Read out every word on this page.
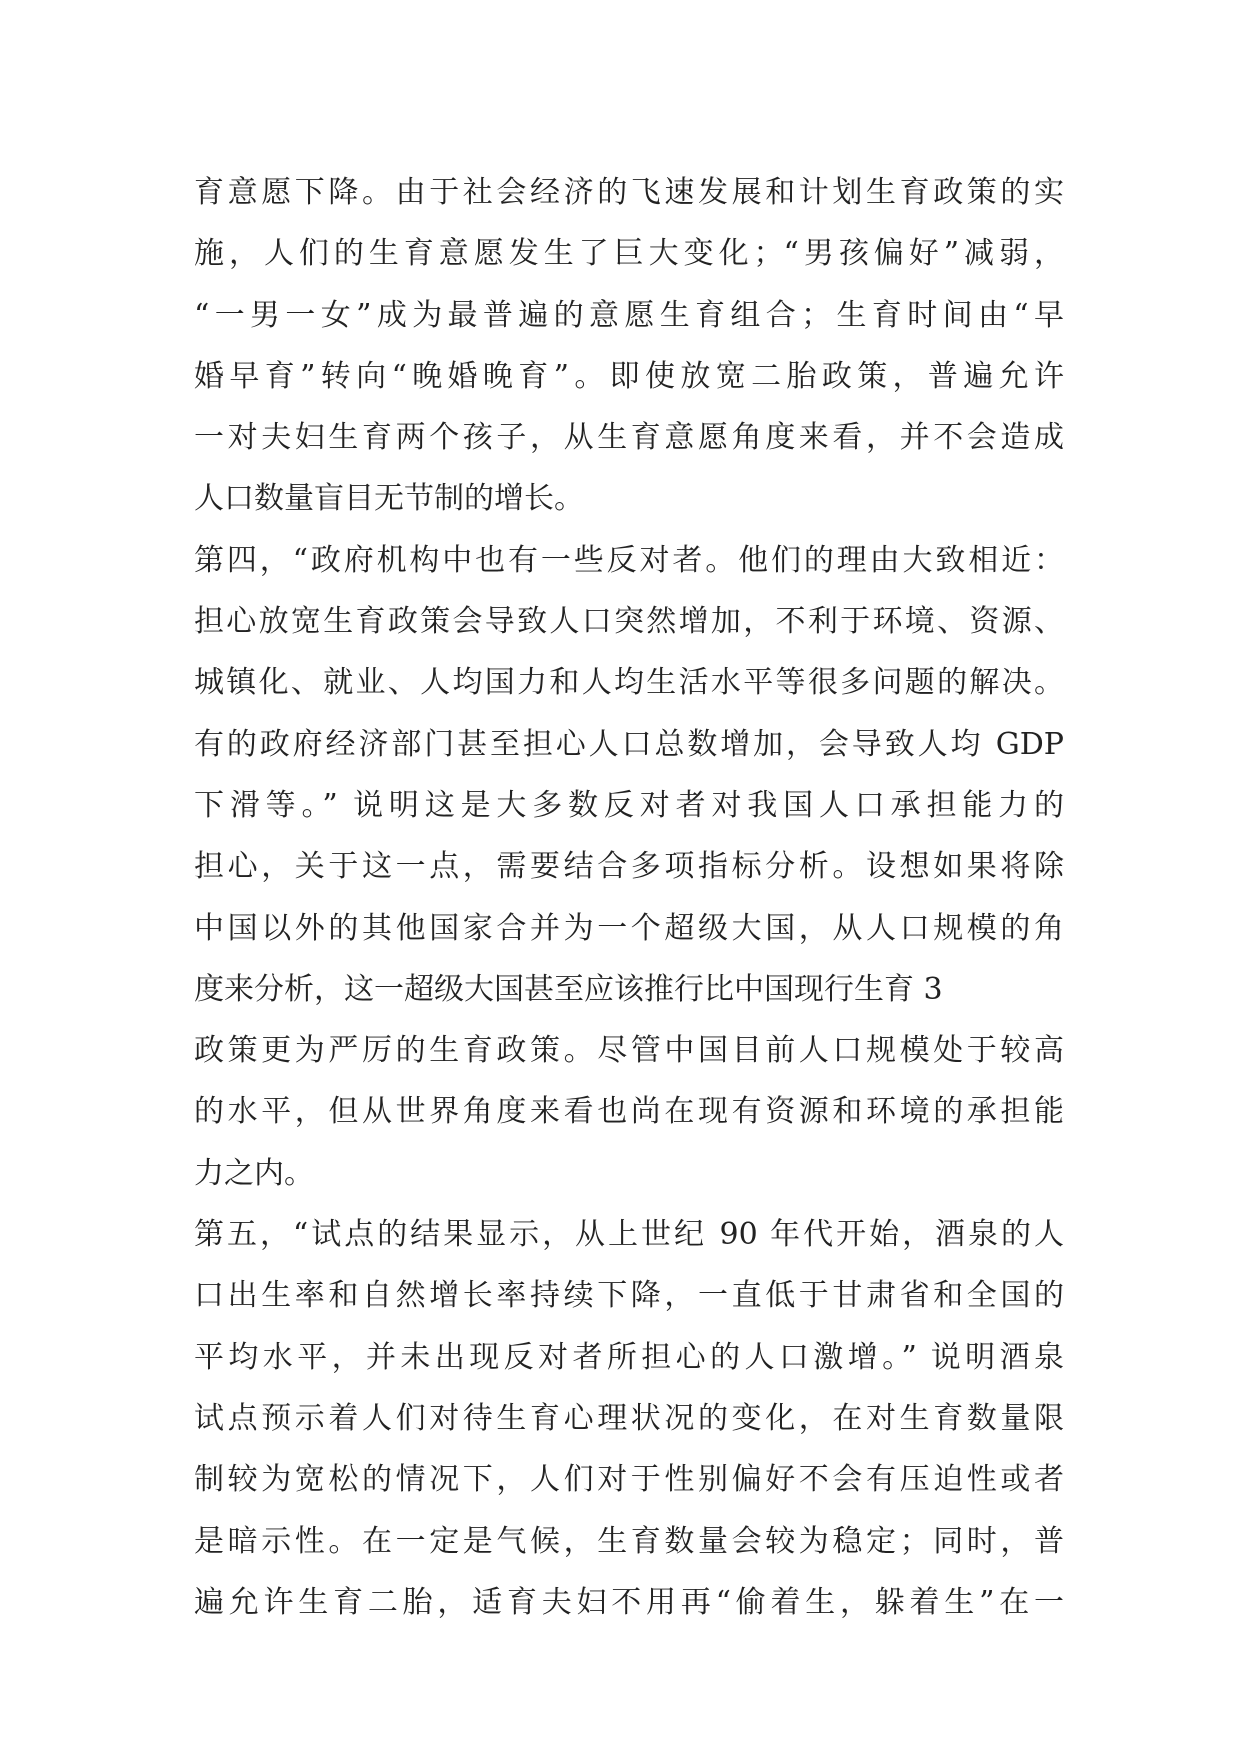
育意愿下降。由于社会经济的飞速发展和计划生育政策的实
施，人们的生育意愿发生了巨大变化；“男孩偏好”减弱，
“一男一女”成为最普遍的意愿生育组合；生育时间由“早
婚早育”转向“晚婚晚育”。即使放宽二胎政策，普遍允许
一对夫妇生育两个孩子，从生育意愿角度来看，并不会造成
人口数量盲目无节制的增长。
第四，“政府机构中也有一些反对者。他们的理由大致相近：
担心放宽生育政策会导致人口突然增加，不利于环境、资源、
城镇化、就业、人均国力和人均生活水平等很多问题的解决。
有的政府经济部门甚至担心人口总数增加，会导致人均 GDP
下滑等。” 说明这是大多数反对者对我国人口承担能力的
担心，关于这一点，需要结合多项指标分析。设想如果将除
中国以外的其他国家合并为一个超级大国，从人口规模的角
度来分析，这一超级大国甚至应该推行比中国现行生育 3
政策更为严厉的生育政策。尽管中国目前人口规模处于较高
的水平，但从世界角度来看也尚在现有资源和环境的承担能
力之内。
第五，“试点的结果显示，从上世纪 90 年代开始，酒泉的人
口出生率和自然增长率持续下降，一直低于甘肃省和全国的
平均水平，并未出现反对者所担心的人口激增。” 说明酒泉
试点预示着人们对待生育心理状况的变化，在对生育数量限
制较为宽松的情况下，人们对于性别偏好不会有压迫性或者
是暗示性。在一定是气候，生育数量会较为稳定；同时，普
遍允许生育二胎，适育夫妇不用再“偷着生，躲着生”在一
